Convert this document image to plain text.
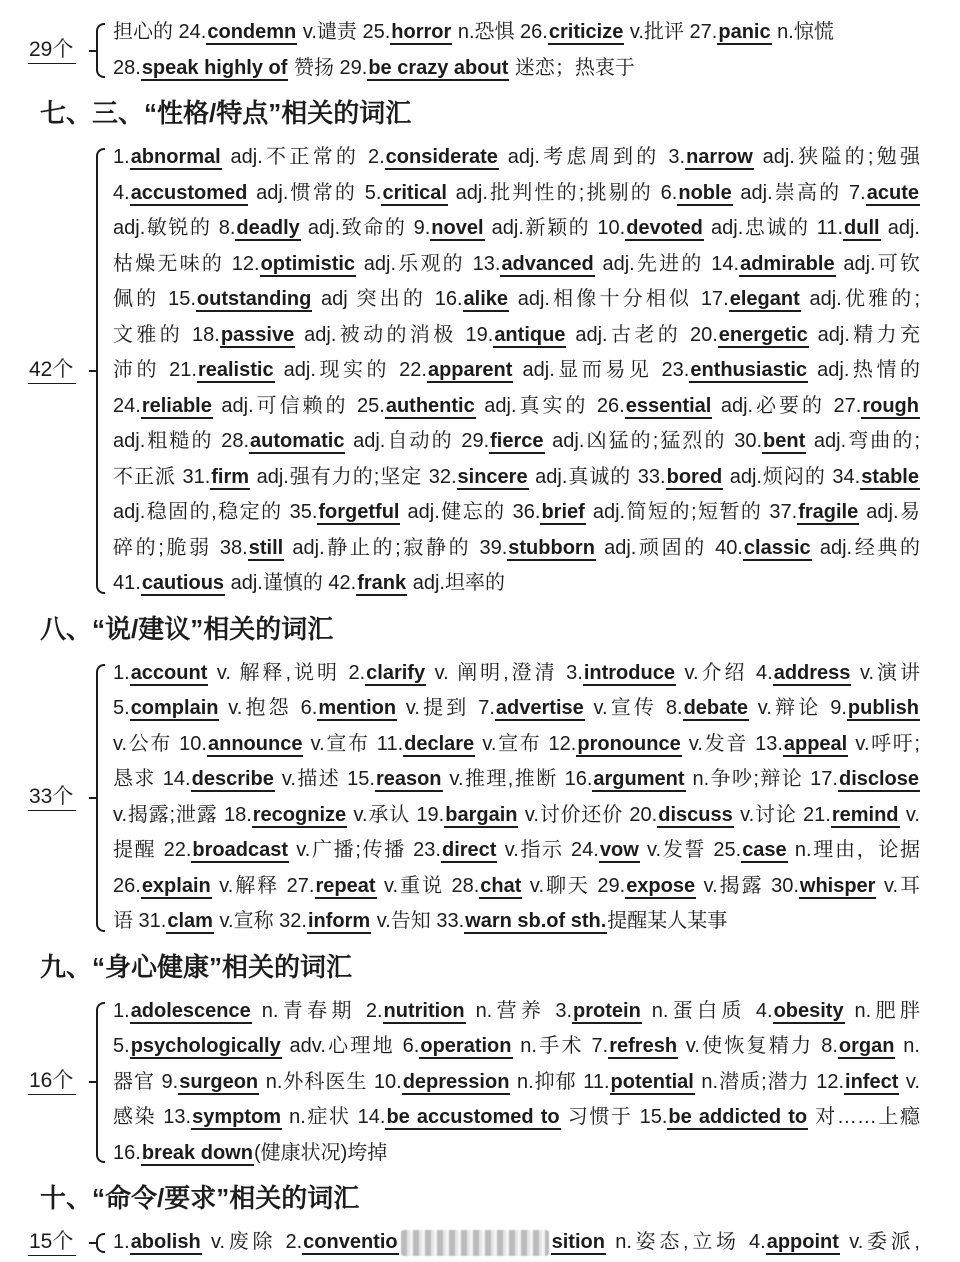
29个
担心的 24.condemn v.谴责 25.horror n.恐惧 26.criticize v.批评 27.panic n.惊慌
28.speak highly of 赞扬 29.be crazy about 迷恋；热衷于
七、三、“性格/特点”相关的词汇
42个
1.abnormal adj.不正常的 2.considerate adj.考虑周到的 3.narrow adj.狭隘的;勉强
4.accustomed adj.惯常的 5.critical adj.批判性的;挑剔的 6.noble adj.崇高的 7.acute
adj.敏锐的 8.deadly adj.致命的 9.novel adj.新颖的 10.devoted adj.忠诚的 11.dull adj.
枯燥无味的 12.optimistic adj.乐观的 13.advanced adj.先进的 14.admirable adj.可钦
佩的 15.outstanding adj 突出的 16.alike adj.相像十分相似 17.elegant adj.优雅的;
文雅的 18.passive adj.被动的消极 19.antique adj.古老的 20.energetic adj.精力充
沛的 21.realistic adj.现实的 22.apparent adj.显而易见 23.enthusiastic adj.热情的
24.reliable adj.可信赖的 25.authentic adj.真实的 26.essential adj.必要的 27.rough
adj.粗糙的 28.automatic adj.自动的 29.fierce adj.凶猛的;猛烈的 30.bent adj.弯曲的;
不正派 31.firm adj.强有力的;坚定 32.sincere adj.真诚的 33.bored adj.烦闷的 34.stable
adj.稳固的,稳定的 35.forgetful adj.健忘的 36.brief adj.简短的;短暂的 37.fragile adj.易
碎的;脆弱 38.still adj.静止的;寂静的 39.stubborn adj.顽固的 40.classic adj.经典的
41.cautious adj.谨慎的 42.frank adj.坦率的
八、“说/建议”相关的词汇
33个
1.account v. 解释,说明 2.clarify v. 阐明,澄清 3.introduce v.介绍 4.address v.演讲
5.complain v.抱怨 6.mention v.提到 7.advertise v.宣传 8.debate v.辩论 9.publish
v.公布 10.announce v.宣布 11.declare v.宣布 12.pronounce v.发音 13.appeal v.呼吁;
恳求 14.describe v.描述 15.reason v.推理,推断 16.argument n.争吵;辩论 17.disclose
v.揭露;泄露 18.recognize v.承认 19.bargain v.讨价还价 20.discuss v.讨论 21.remind v.
提醒 22.broadcast v.广播;传播 23.direct v.指示 24.vow v.发誓 25.case n.理由，论据
26.explain v.解释 27.repeat v.重说 28.chat v.聊天 29.expose v.揭露 30.whisper v.耳
语 31.clam v.宣称 32.inform v.告知 33.warn sb.of sth.提醒某人某事
九、“身心健康”相关的词汇
16个
1.adolescence n.青春期 2.nutrition n.营养 3.protein n.蛋白质 4.obesity n.肥胖
5.psychologically adv.心理地 6.operation n.手术 7.refresh v.使恢复精力 8.organ n.
器官 9.surgeon n.外科医生 10.depression n.抑郁 11.potential n.潜质;潜力 12.infect v.
感染 13.symptom n.症状 14.be accustomed to 习惯于 15.be addicted to 对……上瘾
16.break down(健康状况)垮掉
十、“命令/要求”相关的词汇
15个 1.abolish v.废除 2.conventio	sition n.姿态,立场 4.appoint v.委派,
